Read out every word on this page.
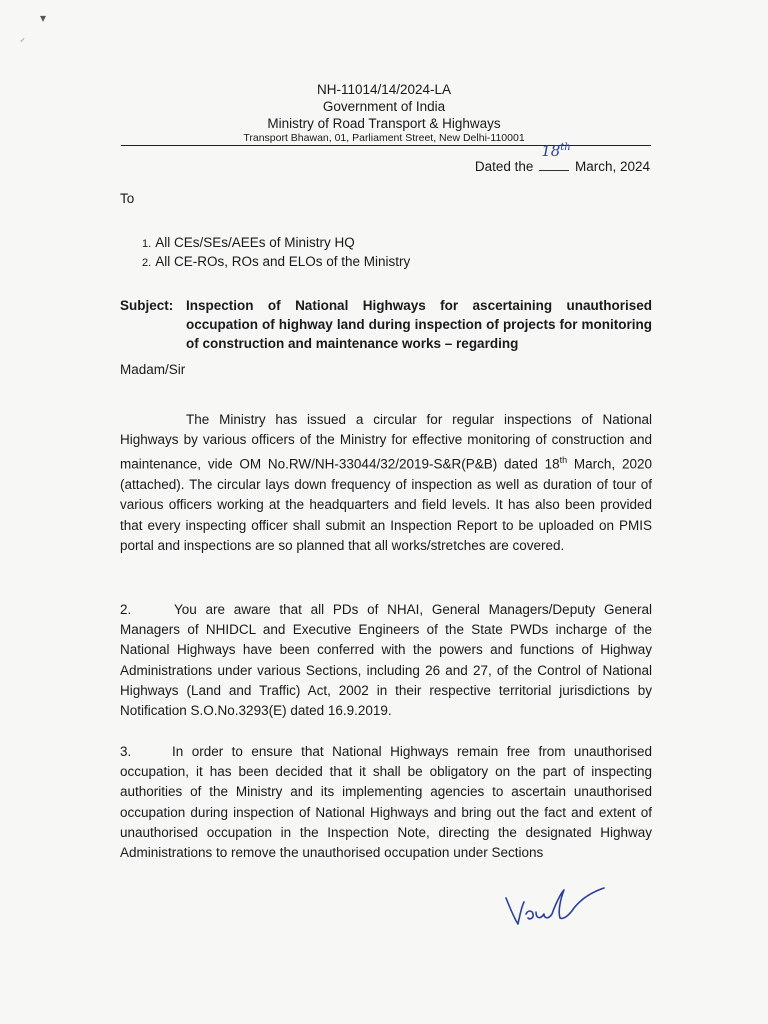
▾
⸝
NH-11014/14/2024-LA
Government of India
Ministry of Road Transport & Highways
Transport Bhawan, 01, Parliament Street, New Delhi-110001
Dated the
18th
March, 2024
To
1. All CEs/SEs/AEEs of Ministry HQ
2. All CE-ROs, ROs and ELOs of the Ministry
Subject: Inspection of National Highways for ascertaining unauthorised occupation of highway land during inspection of projects for monitoring of construction and maintenance works – regarding
Madam/Sir
The Ministry has issued a circular for regular inspections of National Highways by various officers of the Ministry for effective monitoring of construction and maintenance, vide OM No.RW/NH-33044/32/2019-S&R(P&B) dated 18th March, 2020 (attached). The circular lays down frequency of inspection as well as duration of tour of various officers working at the headquarters and field levels. It has also been provided that every inspecting officer shall submit an Inspection Report to be uploaded on PMIS portal and inspections are so planned that all works/stretches are covered.
2.	You are aware that all PDs of NHAI, General Managers/Deputy General Managers of NHIDCL and Executive Engineers of the State PWDs incharge of the National Highways have been conferred with the powers and functions of Highway Administrations under various Sections, including 26 and 27, of the Control of National Highways (Land and Traffic) Act, 2002 in their respective territorial jurisdictions by Notification S.O.No.3293(E) dated 16.9.2019.
3.	In order to ensure that National Highways remain free from unauthorised occupation, it has been decided that it shall be obligatory on the part of inspecting authorities of the Ministry and its implementing agencies to ascertain unauthorised occupation during inspection of National Highways and bring out the fact and extent of unauthorised occupation in the Inspection Note, directing the designated Highway Administrations to remove the unauthorised occupation under Sections
